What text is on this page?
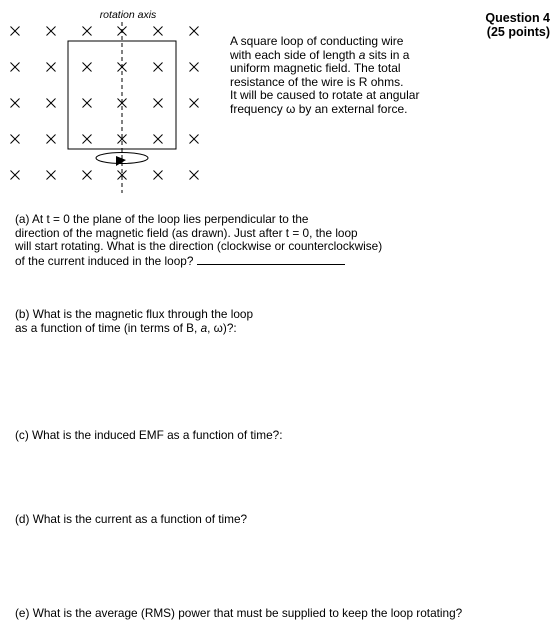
rotation axis	Question 4
(25 points)
A square loop of conducting wire
with each side of length a sits in a
uniform magnetic field. The total
resistance of the wire is R ohms.
It will be caused to rotate at angular
frequency ω by an external force.
(a) At t = 0 the plane of the loop lies perpendicular to the
direction of the magnetic field (as drawn). Just after t = 0, the loop
will start rotating. What is the direction (clockwise or counterclockwise)
of the current induced in the loop?
(b) What is the magnetic flux through the loop
as a function of time (in terms of B, a, ω)?:
(c) What is the induced EMF as a function of time?:
(d) What is the current as a function of time?
(e) What is the average (RMS) power that must be supplied to keep the loop rotating?
